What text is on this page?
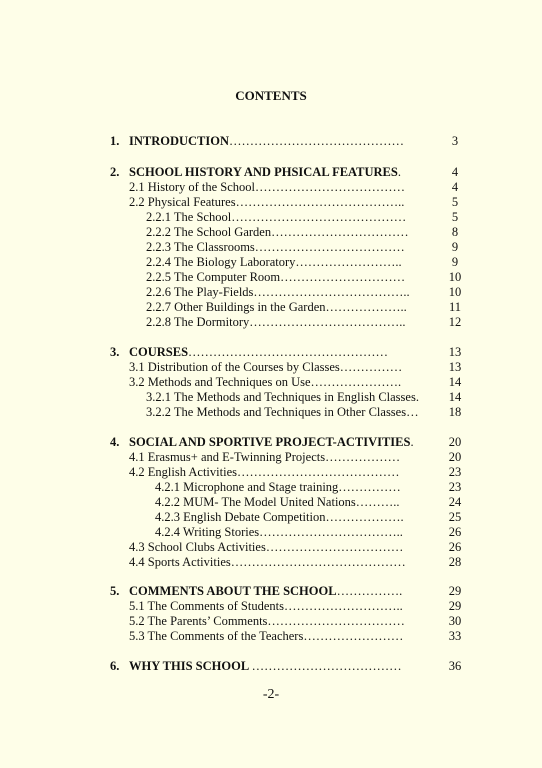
CONTENTS
1. INTRODUCTION……………………………………	3
2. SCHOOL HISTORY AND PHSICAL FEATURES.	4
2.1 History of the School………………………………	4
2.2 Physical Features…………………………………..	5
2.2.1 The School……………………………………	5
2.2.2 The School Garden……………………………	8
2.2.3 The Classrooms………………………………	9
2.2.4 The Biology Laboratory……………………..	9
2.2.5 The Computer Room…………………………	10
2.2.6 The Play-Fields………………………………..	10
2.2.7 Other Buildings in the Garden………………..	11
2.2.8 The Dormitory………………………………..	12
3. COURSES…………………………………………	13
3.1 Distribution of the Courses by Classes……………	13
3.2 Methods and Techniques on Use………………….	14
3.2.1 The Methods and Techniques in English Classes.	14
3.2.2 The Methods and Techniques in Other Classes…	18
4. SOCIAL AND SPORTIVE PROJECT-ACTIVITIES.	20
4.1 Erasmus+ and E-Twinning Projects………………	20
4.2 English Activities…………………………………	23
4.2.1 Microphone and Stage training……………	23
4.2.2 MUM- The Model United Nations………..	24
4.2.3 English Debate Competition……………….	25
4.2.4 Writing Stories……………………………..	26
4.3 School Clubs Activities……………………………	26
4.4 Sports Activities……………………………………	28
5. COMMENTS ABOUT THE SCHOOL…………….	29
5.1 The Comments of Students………………………..	29
5.2 The Parents’ Comments……………………………	30
5.3 The Comments of the Teachers……………………	33
6. WHY THIS SCHOOL ………………………………	36
-2-
